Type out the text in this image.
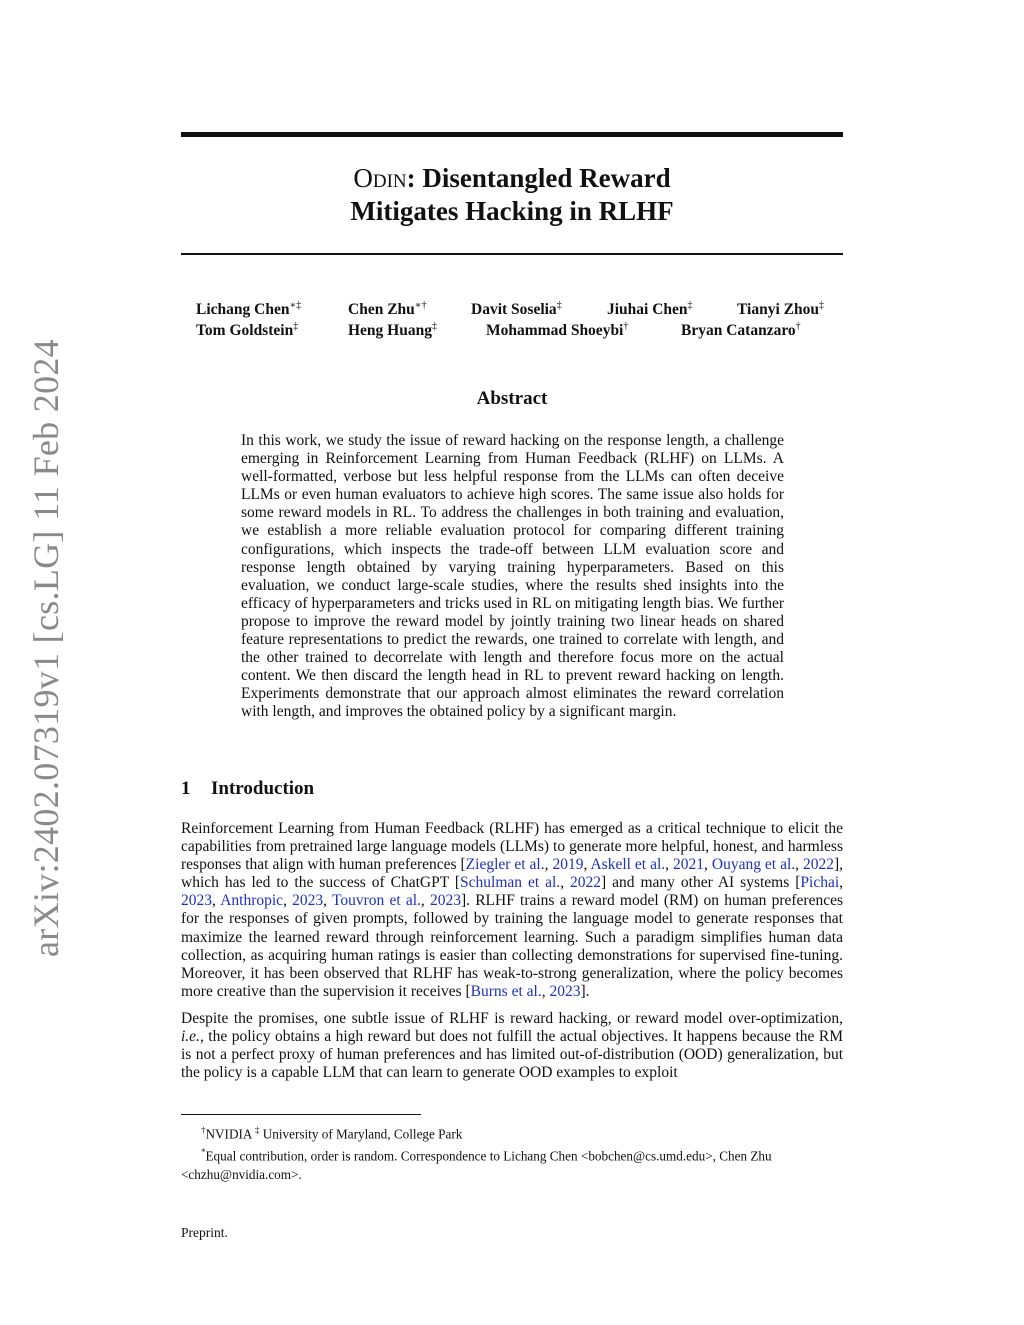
arXiv:2402.07319v1 [cs.LG] 11 Feb 2024
Odin: Disentangled Reward
Mitigates Hacking in RLHF
Lichang Chen∗‡	Chen Zhu∗†	Davit Soselia‡	Jiuhai Chen‡	Tianyi Zhou‡
Tom Goldstein‡	Heng Huang‡	Mohammad Shoeybi†	Bryan Catanzaro†
Abstract
In this work, we study the issue of reward hacking on the response length, a challenge emerging in Reinforcement Learning from Human Feedback (RLHF) on LLMs. A well-formatted, verbose but less helpful response from the LLMs can often deceive LLMs or even human evaluators to achieve high scores. The same issue also holds for some reward models in RL. To address the challenges in both training and evaluation, we establish a more reliable evaluation protocol for comparing different training configurations, which inspects the trade-off between LLM evaluation score and response length obtained by varying training hyperparameters. Based on this evaluation, we conduct large-scale studies, where the results shed insights into the efficacy of hyperparameters and tricks used in RL on mitigating length bias. We further propose to improve the reward model by jointly training two linear heads on shared feature representations to predict the rewards, one trained to correlate with length, and the other trained to decorrelate with length and therefore focus more on the actual content. We then discard the length head in RL to prevent reward hacking on length. Experiments demonstrate that our approach almost eliminates the reward correlation with length, and improves the obtained policy by a significant margin.
1 Introduction

Reinforcement Learning from Human Feedback (RLHF) has emerged as a critical technique to elicit the capabilities from pretrained large language models (LLMs) to generate more helpful, honest, and harmless responses that align with human preferences [Ziegler et al., 2019, Askell et al., 2021, Ouyang et al., 2022], which has led to the success of ChatGPT [Schulman et al., 2022] and many other AI systems [Pichai, 2023, Anthropic, 2023, Touvron et al., 2023]. RLHF trains a reward model (RM) on human preferences for the responses of given prompts, followed by training the language model to generate responses that maximize the learned reward through reinforcement learning. Such a paradigm simplifies human data collection, as acquiring human ratings is easier than collecting demonstrations for supervised fine-tuning. Moreover, it has been observed that RLHF has weak-to-strong generalization, where the policy becomes more creative than the supervision it receives [Burns et al., 2023].

Despite the promises, one subtle issue of RLHF is reward hacking, or reward model over-optimization, i.e., the policy obtains a high reward but does not fulfill the actual objectives. It happens because the RM is not a perfect proxy of human preferences and has limited out-of-distribution (OOD) generalization, but the policy is a capable LLM that can learn to generate OOD examples to exploit

†NVIDIA ‡ University of Maryland, College Park

*Equal contribution, order is random. Correspondence to Lichang Chen <bobchen@cs.umd.edu>, Chen Zhu <chzhu@nvidia.com>.

Preprint.
